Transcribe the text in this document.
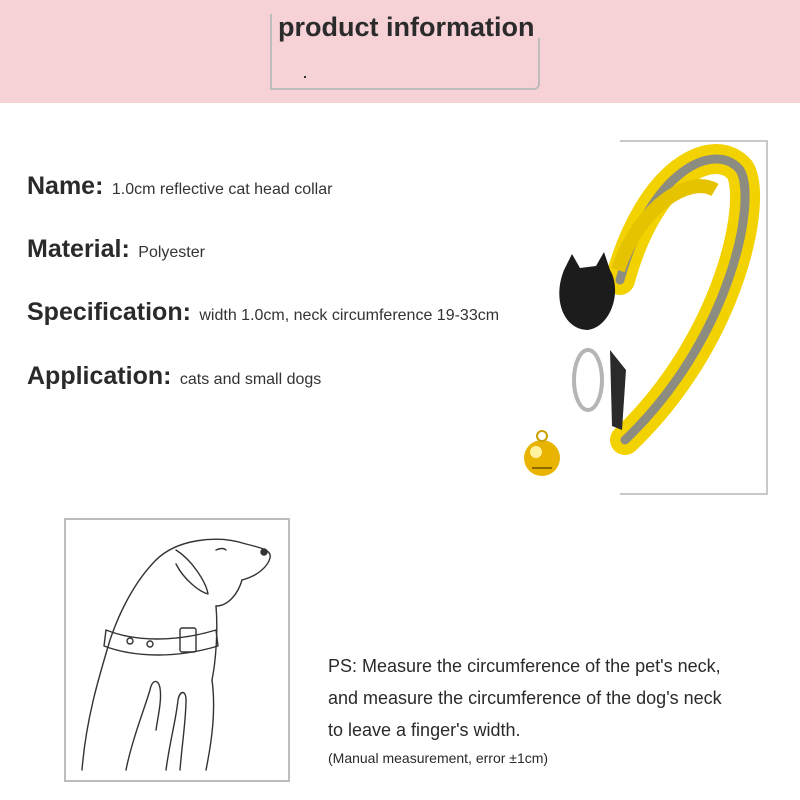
product information
Name: 1.0cm reflective cat head collar
Material: Polyester
Specification: width 1.0cm, neck circumference 19-33cm
Application: cats and small dogs
PS: Measure the circumference of the pet's neck,
and measure the circumference of the dog's neck
to leave a finger's width.
(Manual measurement, error ±1cm)
